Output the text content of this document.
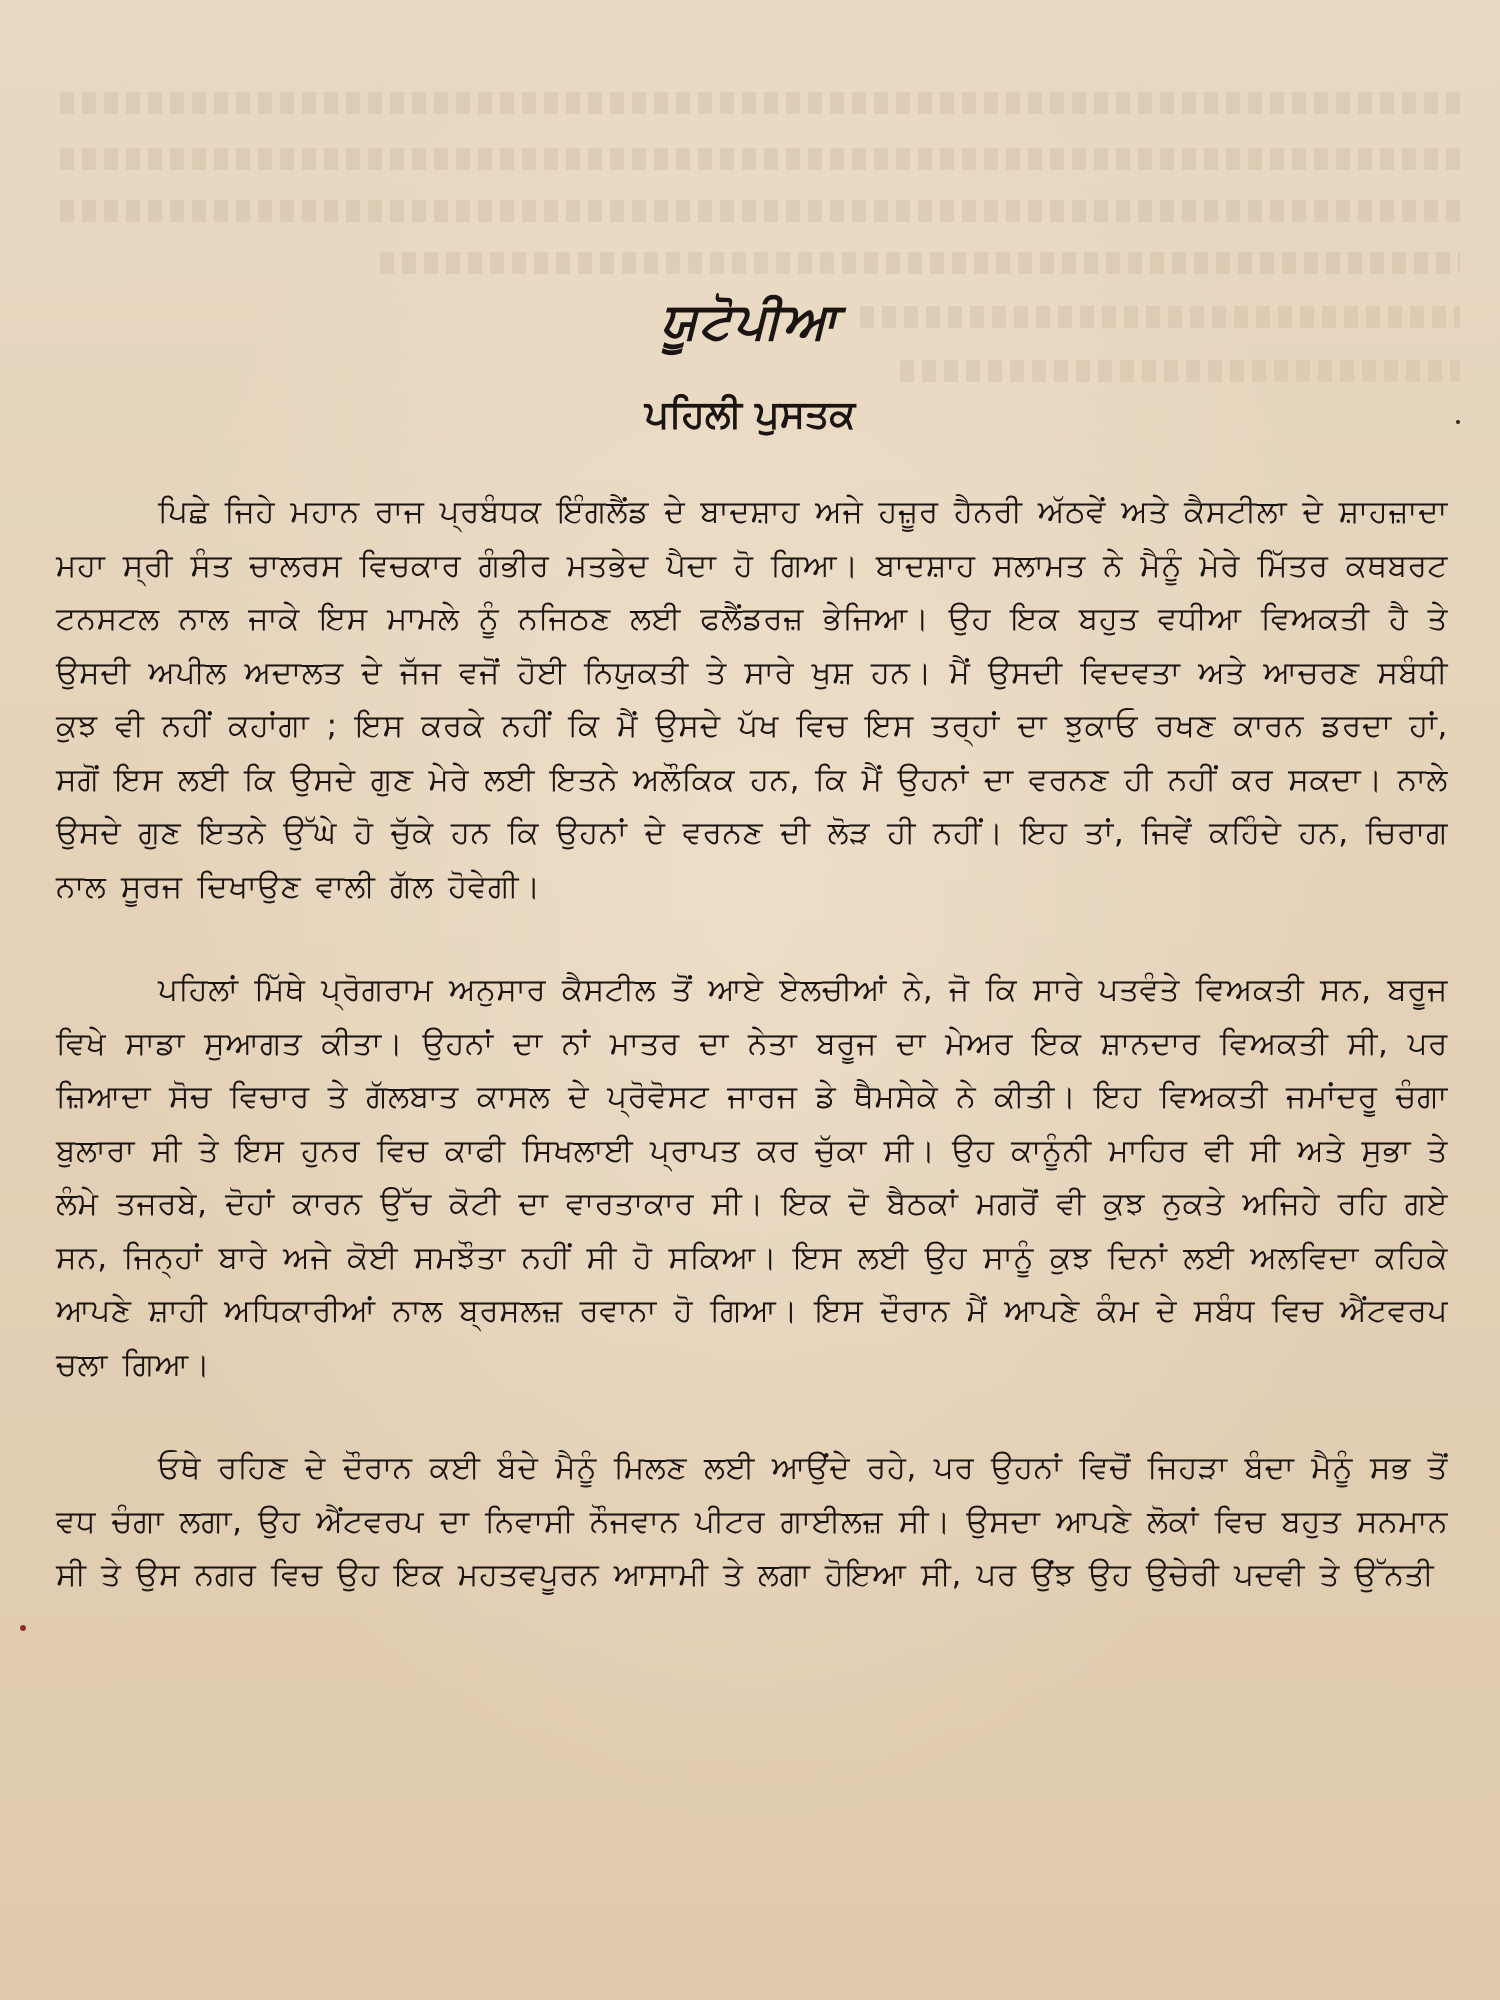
ਯੂਟੋਪੀਆ
ਪਹਿਲੀ ਪੁਸਤਕ

ਪਿਛੇ ਜਿਹੇ ਮਹਾਨ ਰਾਜ ਪ੍ਰਬੰਧਕ ਇੰਗਲੈਂਡ ਦੇ ਬਾਦਸ਼ਾਹ ਅਜੇ ਹਜ਼ੂਰ ਹੈਨਰੀ ਅੱਠਵੇਂ ਅਤੇ ਕੈਸਟੀਲਾ ਦੇ ਸ਼ਾਹਜ਼ਾਦਾ ਮਹਾ ਸ੍ਰੀ ਸੰਤ ਚਾਲਰਸ ਵਿਚਕਾਰ ਗੰਭੀਰ ਮਤਭੇਦ ਪੈਦਾ ਹੋ ਗਿਆ। ਬਾਦਸ਼ਾਹ ਸਲਾਮਤ ਨੇ ਮੈਨੂੰ ਮੇਰੇ ਮਿੱਤਰ ਕਥਬਰਟ ਟਨਸਟਲ ਨਾਲ ਜਾਕੇ ਇਸ ਮਾਮਲੇ ਨੂੰ ਨਜਿਠਣ ਲਈ ਫਲੈਂਡਰਜ਼ ਭੇਜਿਆ। ਉਹ ਇਕ ਬਹੁਤ ਵਧੀਆ ਵਿਅਕਤੀ ਹੈ ਤੇ ਉਸਦੀ ਅਪੀਲ ਅਦਾਲਤ ਦੇ ਜੱਜ ਵਜੋਂ ਹੋਈ ਨਿਯੁਕਤੀ ਤੇ ਸਾਰੇ ਖੁਸ਼ ਹਨ। ਮੈਂ ਉਸਦੀ ਵਿਦਵਤਾ ਅਤੇ ਆਚਰਣ ਸਬੰਧੀ ਕੁਝ ਵੀ ਨਹੀਂ ਕਹਾਂਗਾ ; ਇਸ ਕਰਕੇ ਨਹੀਂ ਕਿ ਮੈਂ ਉਸਦੇ ਪੱਖ ਵਿਚ ਇਸ ਤਰ੍ਹਾਂ ਦਾ ਝੁਕਾਓ ਰਖਣ ਕਾਰਨ ਡਰਦਾ ਹਾਂ, ਸਗੋਂ ਇਸ ਲਈ ਕਿ ਉਸਦੇ ਗੁਣ ਮੇਰੇ ਲਈ ਇਤਨੇ ਅਲੌਕਿਕ ਹਨ, ਕਿ ਮੈਂ ਉਹਨਾਂ ਦਾ ਵਰਨਣ ਹੀ ਨਹੀਂ ਕਰ ਸਕਦਾ। ਨਾਲੇ ਉਸਦੇ ਗੁਣ ਇਤਨੇ ਉੱਘੇ ਹੋ ਚੁੱਕੇ ਹਨ ਕਿ ਉਹਨਾਂ ਦੇ ਵਰਨਣ ਦੀ ਲੋੜ ਹੀ ਨਹੀਂ। ਇਹ ਤਾਂ, ਜਿਵੇਂ ਕਹਿੰਦੇ ਹਨ, ਚਿਰਾਗ ਨਾਲ ਸੂਰਜ ਦਿਖਾਉਣ ਵਾਲੀ ਗੱਲ ਹੋਵੇਗੀ।

ਪਹਿਲਾਂ ਮਿੱਥੇ ਪ੍ਰੋਗਰਾਮ ਅਨੁਸਾਰ ਕੈਸਟੀਲ ਤੋਂ ਆਏ ਏਲਚੀਆਂ ਨੇ, ਜੋ ਕਿ ਸਾਰੇ ਪਤਵੰਤੇ ਵਿਅਕਤੀ ਸਨ, ਬਰੂਜ ਵਿਖੇ ਸਾਡਾ ਸੁਆਗਤ ਕੀਤਾ। ਉਹਨਾਂ ਦਾ ਨਾਂ ਮਾਤਰ ਦਾ ਨੇਤਾ ਬਰੂਜ ਦਾ ਮੇਅਰ ਇਕ ਸ਼ਾਨਦਾਰ ਵਿਅਕਤੀ ਸੀ, ਪਰ ਜ਼ਿਆਦਾ ਸੋਚ ਵਿਚਾਰ ਤੇ ਗੱਲਬਾਤ ਕਾਸਲ ਦੇ ਪ੍ਰੋਵੋਸਟ ਜਾਰਜ ਡੇ ਥੈਮਸੇਕੇ ਨੇ ਕੀਤੀ। ਇਹ ਵਿਅਕਤੀ ਜਮਾਂਦਰੂ ਚੰਗਾ ਬੁਲਾਰਾ ਸੀ ਤੇ ਇਸ ਹੁਨਰ ਵਿਚ ਕਾਫੀ ਸਿਖਲਾਈ ਪ੍ਰਾਪਤ ਕਰ ਚੁੱਕਾ ਸੀ। ਉਹ ਕਾਨੂੰਨੀ ਮਾਹਿਰ ਵੀ ਸੀ ਅਤੇ ਸੁਭਾ ਤੇ ਲੰਮੇ ਤਜਰਬੇ, ਦੋਹਾਂ ਕਾਰਨ ਉੱਚ ਕੋਟੀ ਦਾ ਵਾਰਤਾਕਾਰ ਸੀ। ਇਕ ਦੋ ਬੈਠਕਾਂ ਮਗਰੋਂ ਵੀ ਕੁਝ ਨੁਕਤੇ ਅਜਿਹੇ ਰਹਿ ਗਏ ਸਨ, ਜਿਨ੍ਹਾਂ ਬਾਰੇ ਅਜੇ ਕੋਈ ਸਮਝੌਤਾ ਨਹੀਂ ਸੀ ਹੋ ਸਕਿਆ। ਇਸ ਲਈ ਉਹ ਸਾਨੂੰ ਕੁਝ ਦਿਨਾਂ ਲਈ ਅਲਵਿਦਾ ਕਹਿਕੇ ਆਪਣੇ ਸ਼ਾਹੀ ਅਧਿਕਾਰੀਆਂ ਨਾਲ ਬ੍ਰਸਲਜ਼ ਰਵਾਨਾ ਹੋ ਗਿਆ। ਇਸ ਦੌਰਾਨ ਮੈਂ ਆਪਣੇ ਕੰਮ ਦੇ ਸਬੰਧ ਵਿਚ ਐਂਟਵਰਪ ਚਲਾ ਗਿਆ।

ਓਥੇ ਰਹਿਣ ਦੇ ਦੌਰਾਨ ਕਈ ਬੰਦੇ ਮੈਨੂੰ ਮਿਲਣ ਲਈ ਆਉਂਦੇ ਰਹੇ, ਪਰ ਉਹਨਾਂ ਵਿਚੋਂ ਜਿਹੜਾ ਬੰਦਾ ਮੈਨੂੰ ਸਭ ਤੋਂ ਵਧ ਚੰਗਾ ਲਗਾ, ਉਹ ਐਂਟਵਰਪ ਦਾ ਨਿਵਾਸੀ ਨੌਜਵਾਨ ਪੀਟਰ ਗਾਈਲਜ਼ ਸੀ। ਉਸਦਾ ਆਪਣੇ ਲੋਕਾਂ ਵਿਚ ਬਹੁਤ ਸਨਮਾਨ ਸੀ ਤੇ ਉਸ ਨਗਰ ਵਿਚ ਉਹ ਇਕ ਮਹਤਵਪੂਰਨ ਆਸਾਮੀ ਤੇ ਲਗਾ ਹੋਇਆ ਸੀ, ਪਰ ਉਂਝ ਉਹ ਉਚੇਰੀ ਪਦਵੀ ਤੇ ਉੱਨਤੀ
